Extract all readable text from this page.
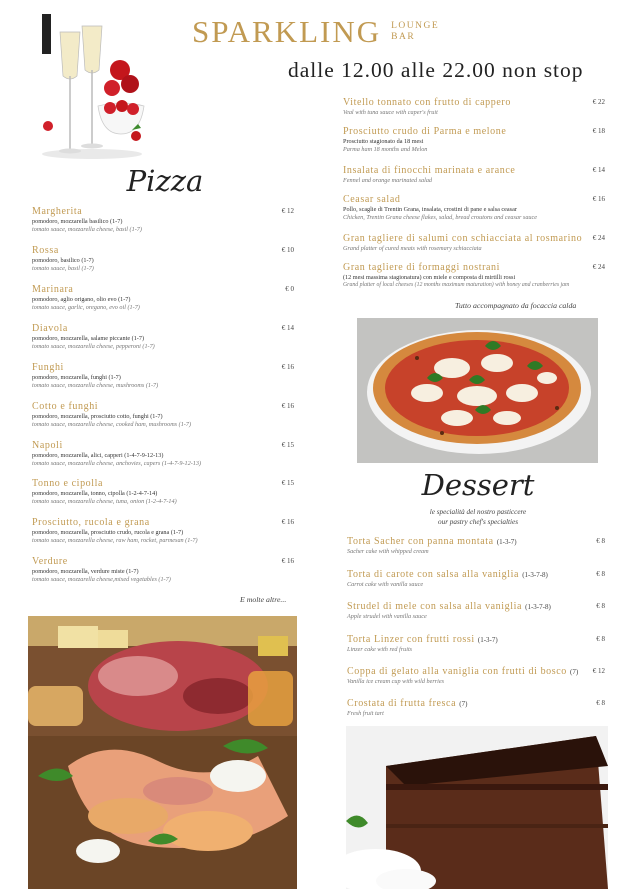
SPARKLING LOUNGE
BAR
dalle 12.00 alle 22.00 non stop
Pizza
Margherita
pomodoro, mozzarella basilico (1-7)
tomato sauce, mozzarella cheese, basil (1-7)
€ 12
Rossa
pomodoro, basilico (1-7)
tomato sauce, basil (1-7)
€ 10
Marinara
pomodoro, aglio origano, olio evo (1-7)
tomato sauce, garlic, oregano, evo oil (1-7)
€ 0
Diavola
pomodoro, mozzarella, salame piccante (1-7)
tomato sauce, mozzarella cheese, pepperoni (1-7)
€ 14
Funghi
pomodoro, mozzarella, funghi (1-7)
tomato sauce, mozzarella cheese, mushrooms (1-7)
€ 16
Cotto e funghi
pomodoro, mozzarella, prosciutto cotto, funghi (1-7)
tomato sauce, mozzarella cheese, cooked ham, mushrooms (1-7)
€ 16
Napoli
pomodoro, mozzarella, alici, capperi (1-4-7-9-12-13)
tomato sauce, mozzarella cheese, anchovies, capers (1-4-7-9-12-13)
€ 15
Tonno e cipolla
pomodoro, mozzarella, tonno, cipolla (1-2-4-7-14)
tomato sauce, mozzarella cheese, tuna, onion (1-2-4-7-14)
€ 15
Prosciutto, rucola e grana
pomodoro, mozzarella, prosciutto crudo, rucola e grana (1-7)
tomato sauce, mozzarella cheese, raw ham, rocket, parmesan (1-7)
€ 16
Verdure
pomodoro, mozzarella, verdure miste (1-7)
tomato sauce, mozzarella cheese,mixed vegetables (1-7)
€ 16
E molte altre...
Vitello tonnato con frutto di cappero
Veal with tuna sauce with caper's fruit
€ 22
Prosciutto crudo di Parma e melone
Prosciutto stagionato da 18 mesi
Parma ham 18 months and Melon
€ 18
Insalata di finocchi marinata e arance
Fennel and orange marinated salad
€ 14
Ceasar salad
Pollo, scaglie di Trentin Grana, insalata, crostini di pane e salsa ceasar
Chicken, Trentin Grana cheese flakes, salad, bread croutons and ceasar sauce
€ 16
Gran tagliere di salumi con schiacciata al rosmarino
Grand platter of cured meats with rosemary schiacciata
€ 24
Gran tagliere di formaggi nostrani
(12 mesi massima stagionatura) con miele e composta di mirtilli rossi
Grand platter of local cheeses (12 months maximum maturation) with honey and cranberries jam
€ 24
Tutto accompagnato da focaccia calda
Dessert
le specialità del nostro pasticcere
our pastry chef's specialties
Torta Sacher con panna montata (1-3-7)
Sacher cake with whipped cream
€ 8
Torta di carote con salsa alla vaniglia (1-3-7-8)
Carrot cake with vanilla sauce
€ 8
Strudel di mele con salsa alla vaniglia (1-3-7-8)
Apple strudel with vanilla sauce
€ 8
Torta Linzer con frutti rossi (1-3-7)
Linzer cake with red fruits
€ 8
Coppa di gelato alla vaniglia con frutti di bosco (7)
Vanilla ice cream cup with wild berries
€ 12
Crostata di frutta fresca (7)
Fresh fruit tart
€ 8
